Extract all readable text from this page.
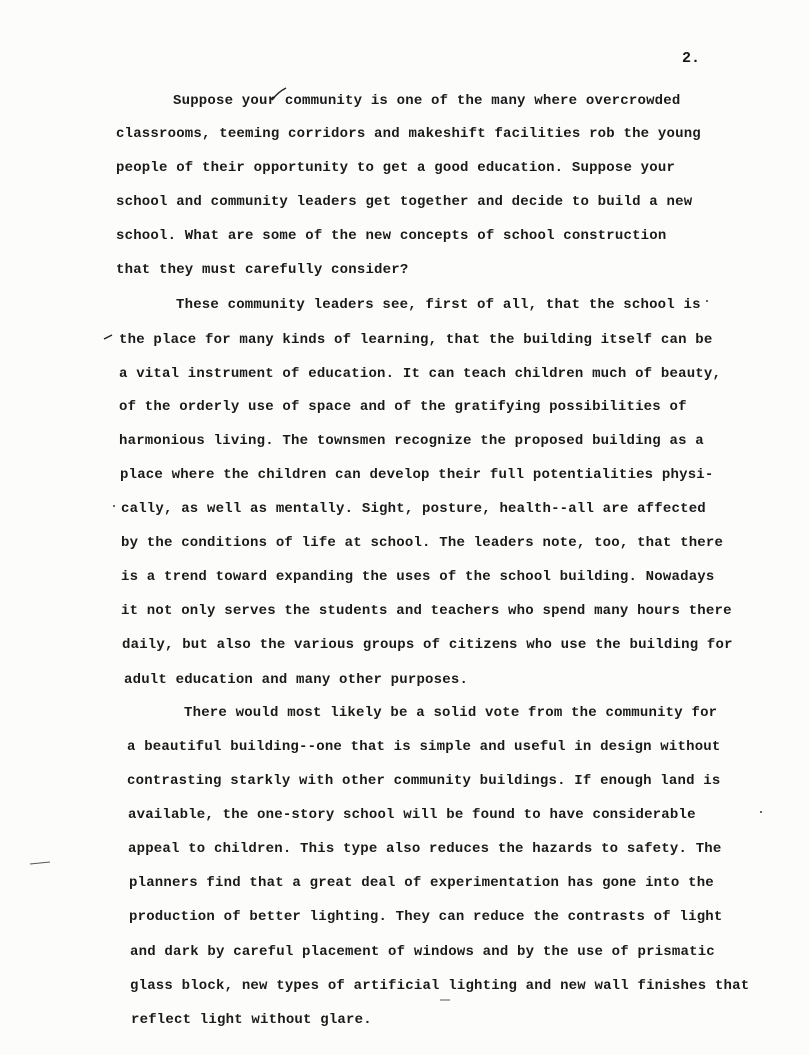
2.
Suppose your community is one of the many where overcrowded
classrooms, teeming corridors and makeshift facilities rob the young
people of their opportunity to get a good education. Suppose your
school and community leaders get together and decide to build a new
school. What are some of the new concepts of school construction
that they must carefully consider?
These community leaders see, first of all, that the school is
the place for many kinds of learning, that the building itself can be
a vital instrument of education. It can teach children much of beauty,
of the orderly use of space and of the gratifying possibilities of
harmonious living. The townsmen recognize the proposed building as a
place where the children can develop their full potentialities physi-
cally, as well as mentally. Sight, posture, health--all are affected
by the conditions of life at school. The leaders note, too, that there
is a trend toward expanding the uses of the school building. Nowadays
it not only serves the students and teachers who spend many hours there
daily, but also the various groups of citizens who use the building for
adult education and many other purposes.
There would most likely be a solid vote from the community for
a beautiful building--one that is simple and useful in design without
contrasting starkly with other community buildings. If enough land is
available, the one-story school will be found to have considerable
appeal to children. This type also reduces the hazards to safety. The
planners find that a great deal of experimentation has gone into the
production of better lighting. They can reduce the contrasts of light
and dark by careful placement of windows and by the use of prismatic
glass block, new types of artificial lighting and new wall finishes that
reflect light without glare.
